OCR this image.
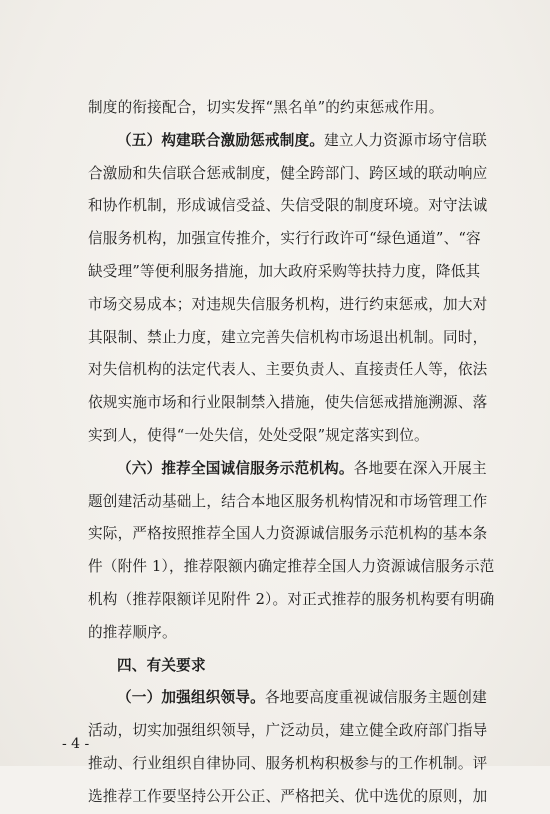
制度的衔接配合，切实发挥“黑名单”的约束惩戒作用。
（五）构建联合激励惩戒制度。建立人力资源市场守信联
合激励和失信联合惩戒制度，健全跨部门、跨区域的联动响应
和协作机制，形成诚信受益、失信受限的制度环境。对守法诚
信服务机构，加强宣传推介，实行行政许可“绿色通道”、“容
缺受理”等便利服务措施，加大政府采购等扶持力度，降低其
市场交易成本；对违规失信服务机构，进行约束惩戒，加大对
其限制、禁止力度，建立完善失信机构市场退出机制。同时，
对失信机构的法定代表人、主要负责人、直接责任人等，依法
依规实施市场和行业限制禁入措施，使失信惩戒措施溯源、落
实到人，使得“一处失信，处处受限”规定落实到位。
（六）推荐全国诚信服务示范机构。各地要在深入开展主
题创建活动基础上，结合本地区服务机构情况和市场管理工作
实际，严格按照推荐全国人力资源诚信服务示范机构的基本条
件（附件 1），推荐限额内确定推荐全国人力资源诚信服务示范
机构（推荐限额详见附件 2）。对正式推荐的服务机构要有明确
的推荐顺序。
四、有关要求
（一）加强组织领导。各地要高度重视诚信服务主题创建
活动，切实加强组织领导，广泛动员，建立健全政府部门指导
推动、行业组织自律协同、服务机构积极参与的工作机制。评
选推荐工作要坚持公开公正、严格把关、优中选优的原则，加
- 4 -
